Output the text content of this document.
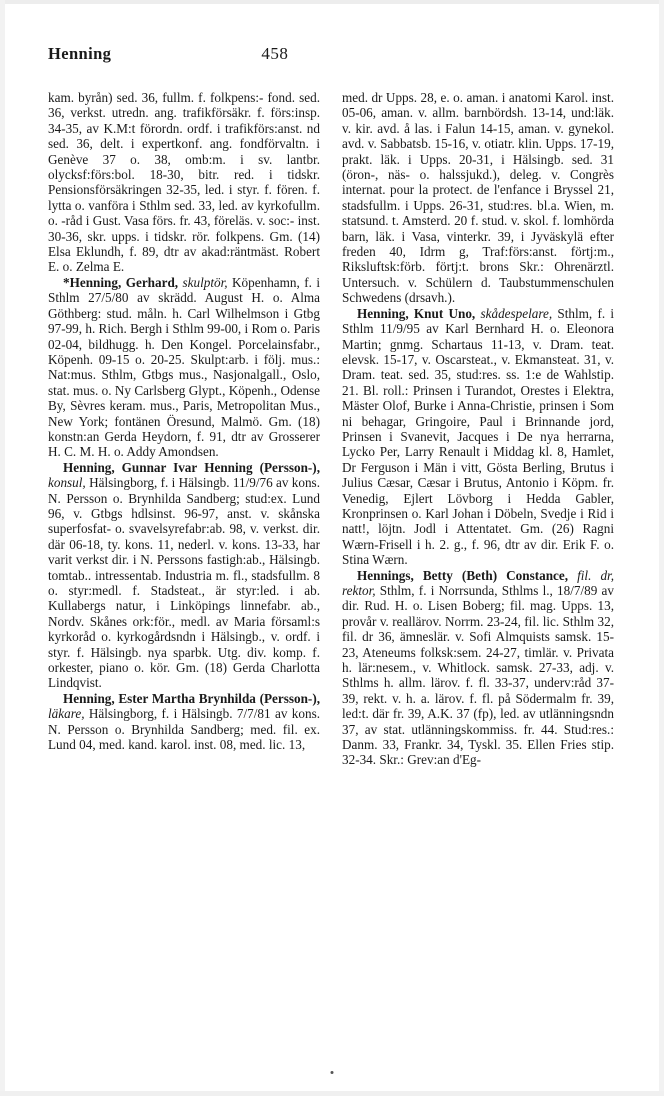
Henning	458

kam. byrån) sed. 36, fullm. f. folkpens:- fond. sed. 36, verkst. utredn. ang. trafikförsäkr. f. förs:insp. 34-35, av K.M:t förordn. ordf. i trafikförs:anst. nd sed. 36, delt. i expertkonf. ang. fondförvaltn. i Genève 37 o. 38, omb:m. i sv. lantbr. olycksf:förs:bol. 18-30, bitr. red. i tidskr. Pensionsförsäkringen 32-35, led. i styr. f. fören. f. lytta o. vanföra i Sthlm sed. 33, led. av kyrkofullm. o. -råd i Gust. Vasa förs. fr. 43, föreläs. v. soc:- inst. 30-36, skr. upps. i tidskr. rör. folkpens. Gm. (14) Elsa Eklundh, f. 89, dtr av akad:räntmäst. Robert E. o. Zelma E.

*Henning, Gerhard, skulptör, Köpenhamn, f. i Sthlm 27/5/80 av skrädd. August H. o. Alma Göthberg: stud. måln. h. Carl Wilhelmson i Gtbg 97-99, h. Rich. Bergh i Sthlm 99-00, i Rom o. Paris 02-04, bildhugg. h. Den Kongel. Porcelainsfabr., Köpenh. 09-15 o. 20-25. Skulpt:arb. i följ. mus.: Nat:mus. Sthlm, Gtbgs mus., Nasjonalgall., Oslo, stat. mus. o. Ny Carlsberg Glypt., Köpenh., Odense By, Sèvres keram. mus., Paris, Metropolitan Mus., New York; fontänen Öresund, Malmö. Gm. (18) konstn:an Gerda Heydorn, f. 91, dtr av Grosserer H. C. M. H. o. Addy Amondsen.

Henning, Gunnar Ivar Henning (Persson-), konsul, Hälsingborg, f. i Hälsingb. 11/9/76 av kons. N. Persson o. Brynhilda Sandberg; stud:ex. Lund 96, v. Gtbgs hdlsinst. 96-97, anst. v. skånska superfosfat- o. svavelsyrefabr:ab. 98, v. verkst. dir. där 06-18, ty. kons. 11, nederl. v. kons. 13-33, har varit verkst dir. i N. Perssons fastigh:ab., Hälsingb. tomtab.. intressentab. Industria m. fl., stadsfullm. 8 o. styr:medl. f. Stadsteat., är styr:led. i ab. Kullabergs natur, i Linköpings linnefabr. ab., Nordv. Skånes ork:för., medl. av Maria församl:s kyrkoråd o. kyrkogårdsndn i Hälsingb., v. ordf. i styr. f. Hälsingb. nya sparbk. Utg. div. komp. f. orkester, piano o. kör. Gm. (18) Gerda Charlotta Lindqvist.

Henning, Ester Martha Brynhilda (Persson-), läkare, Hälsingborg, f. i Hälsingb. 7/7/81 av kons. N. Persson o. Brynhilda Sandberg; med. fil. ex. Lund 04, med. kand. karol. inst. 08, med. lic. 13,

med. dr Upps. 28, e. o. aman. i anatomi Karol. inst. 05-06, aman. v. allm. barnbördsh. 13-14, und:läk. v. kir. avd. å las. i Falun 14-15, aman. v. gynekol. avd. v. Sabbatsb. 15-16, v. otiatr. klin. Upps. 17-19, prakt. läk. i Upps. 20-31, i Hälsingb. sed. 31 (öron-, näs- o. halssjukd.), deleg. v. Congrès internat. pour la protect. de l'enfance i Bryssel 21, stadsfullm. i Upps. 26-31, stud:res. bl.a. Wien, m. statsund. t. Amsterd. 20 f. stud. v. skol. f. lomhörda barn, läk. i Vasa, vinterkr. 39, i Jyväskylä efter freden 40, Idrm g, Traf:förs:anst. förtj:m., Riksluftsk:förb. förtj:t. brons Skr.: Ohrenärztl. Untersuch. v. Schülern d. Taubstummenschulen Schwedens (drsavh.).

Henning, Knut Uno, skådespelare, Sthlm, f. i Sthlm 11/9/95 av Karl Bernhard H. o. Eleonora Martin; gnmg. Schartaus 11-13, v. Dram. teat. elevsk. 15-17, v. Oscarsteat., v. Ekmansteat. 31, v. Dram. teat. sed. 35, stud:res. ss. 1:e de Wahlstip. 21. Bl. roll.: Prinsen i Turandot, Orestes i Elektra, Mäster Olof, Burke i Anna-Christie, prinsen i Som ni behagar, Gringoire, Paul i Brinnande jord, Prinsen i Svanevit, Jacques i De nya herrarna, Lycko Per, Larry Renault i Middag kl. 8, Hamlet, Dr Ferguson i Män i vitt, Gösta Berling, Brutus i Julius Cæsar, Cæsar i Brutus, Antonio i Köpm. fr. Venedig, Ejlert Lövborg i Hedda Gabler, Kronprinsen o. Karl Johan i Döbeln, Svedje i Rid i natt!, löjtn. Jodl i Attentatet. Gm. (26) Ragni Wærn-Frisell i h. 2. g., f. 96, dtr av dir. Erik F. o. Stina Wærn.

Hennings, Betty (Beth) Constance, fil. dr, rektor, Sthlm, f. i Norrsunda, Sthlms l., 18/7/89 av dir. Rud. H. o. Lisen Boberg; fil. mag. Upps. 13, provår v. reallärov. Norrm. 23-24, fil. lic. Sthlm 32, fil. dr 36, ämneslär. v. Sofi Almquists samsk. 15-23, Ateneums folksk:sem. 24-27, timlär. v. Privata h. lär:nesem., v. Whitlock. samsk. 27-33, adj. v. Sthlms h. allm. lärov. f. fl. 33-37, underv:råd 37-39, rekt. v. h. a. lärov. f. fl. på Södermalm fr. 39, led:t. där fr. 39, A.K. 37 (fp), led. av utlänningsndn 37, av stat. utlänningskommiss. fr. 44. Stud:res.: Danm. 33, Frankr. 34, Tyskl. 35. Ellen Fries stip. 32-34. Skr.: Grev:an d'Eg-
